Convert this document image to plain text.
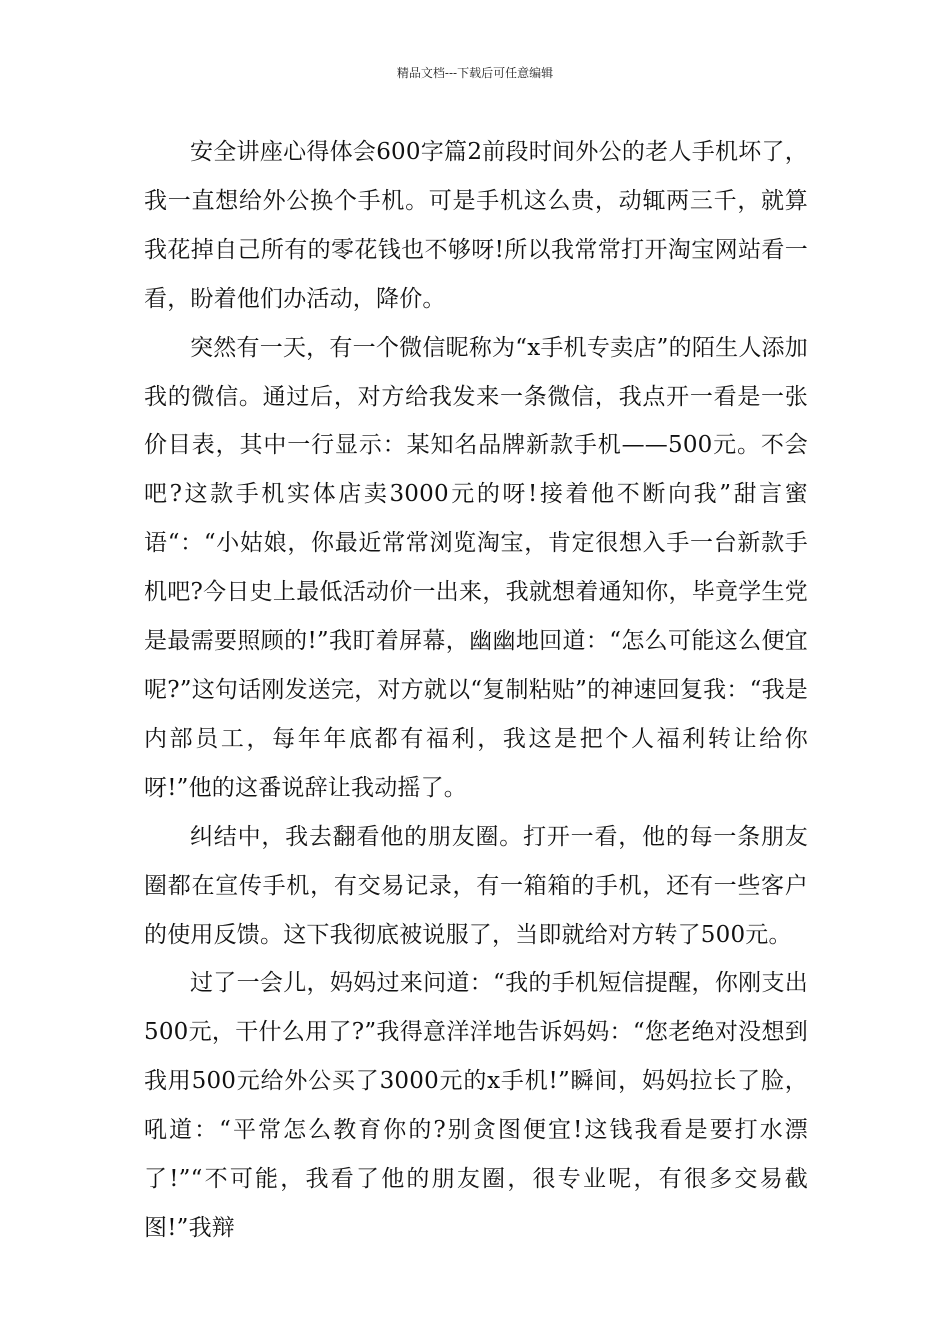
精品文档---下载后可任意编辑

安全讲座心得体会600字篇2前段时间外公的老人手机坏了，我一直想给外公换个手机。可是手机这么贵，动辄两三千，就算我花掉自己所有的零花钱也不够呀!所以我常常打开淘宝网站看一看，盼着他们办活动，降价。

突然有一天，有一个微信昵称为“x手机专卖店”的陌生人添加我的微信。通过后，对方给我发来一条微信，我点开一看是一张价目表，其中一行显示：某知名品牌新款手机——500元。不会吧?这款手机实体店卖3000元的呀!接着他不断向我”甜言蜜语“：“小姑娘，你最近常常浏览淘宝，肯定很想入手一台新款手机吧?今日史上最低活动价一出来，我就想着通知你，毕竟学生党是最需要照顾的!”我盯着屏幕，幽幽地回道：“怎么可能这么便宜呢?”这句话刚发送完，对方就以“复制粘贴”的神速回复我：“我是内部员工，每年年底都有福利，我这是把个人福利转让给你呀!”他的这番说辞让我动摇了。

纠结中，我去翻看他的朋友圈。打开一看，他的每一条朋友圈都在宣传手机，有交易记录，有一箱箱的手机，还有一些客户的使用反馈。这下我彻底被说服了，当即就给对方转了500元。

过了一会儿，妈妈过来问道：“我的手机短信提醒，你刚支出500元，干什么用了?”我得意洋洋地告诉妈妈：“您老绝对没想到我用500元给外公买了3000元的x手机!”瞬间，妈妈拉长了脸，吼道：“平常怎么教育你的?别贪图便宜!这钱我看是要打水漂了!”“不可能，我看了他的朋友圈，很专业呢，有很多交易截图!”我辩
